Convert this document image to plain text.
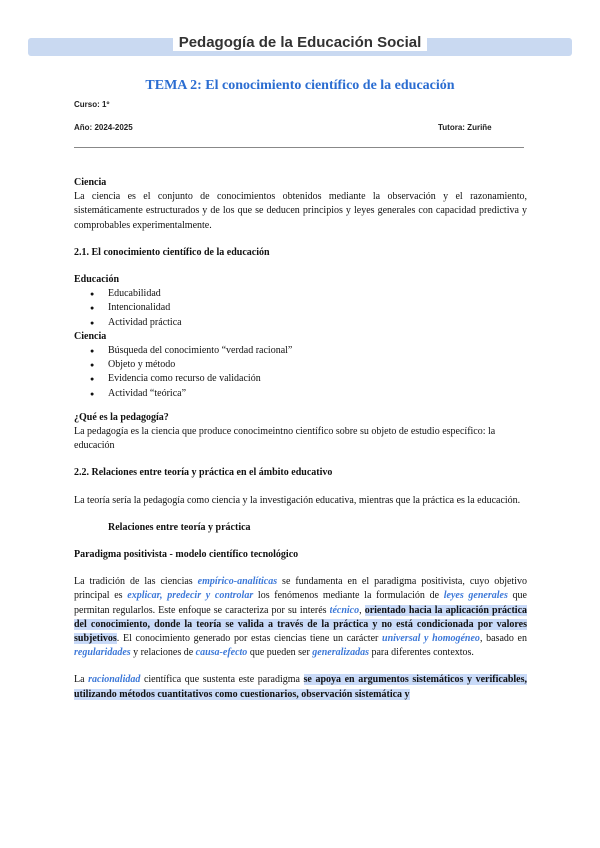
Pedagogía de la Educación Social
TEMA 2: El conocimiento científico de la educación
Curso: 1º
Año: 2024-2025	Tutora: Zuriñe

Ciencia

La ciencia es el conjunto de conocimientos obtenidos mediante la observación y el razonamiento, sistemáticamente estructurados y de los que se deducen principios y leyes generales con capacidad predictiva y comprobables experimentalmente.

2.1. El conocimiento científico de la educación

Educación

● Educabilidad
● Intencionalidad
● Actividad práctica

Ciencia

● Búsqueda del conocimiento “verdad racional”
● Objeto y método
● Evidencia como recurso de validación
● Actividad “teórica”

¿Qué es la pedagogía?

La pedagogía es la ciencia que produce conocimeintno científico sobre su objeto de estudio específico: la educación

2.2. Relaciones entre teoría y práctica en el ámbito educativo

La teoría sería la pedagogía como ciencia y la investigación educativa, mientras que la práctica es la educación.

Relaciones entre teoría y práctica

Paradigma positivista - modelo científico tecnológico

La tradición de las ciencias empírico-analíticas se fundamenta en el paradigma positivista, cuyo objetivo principal es explicar, predecir y controlar los fenómenos mediante la formulación de leyes generales que permitan regularlos. Este enfoque se caracteriza por su interés técnico, orientado hacia la aplicación práctica del conocimiento, donde la teoría se valida a través de la práctica y no está condicionada por valores subjetivos. El conocimiento generado por estas ciencias tiene un carácter universal y homogéneo, basado en regularidades y relaciones de causa-efecto que pueden ser generalizadas para diferentes contextos.

La racionalidad científica que sustenta este paradigma se apoya en argumentos sistemáticos y verificables, utilizando métodos cuantitativos como cuestionarios, observación sistemática y
